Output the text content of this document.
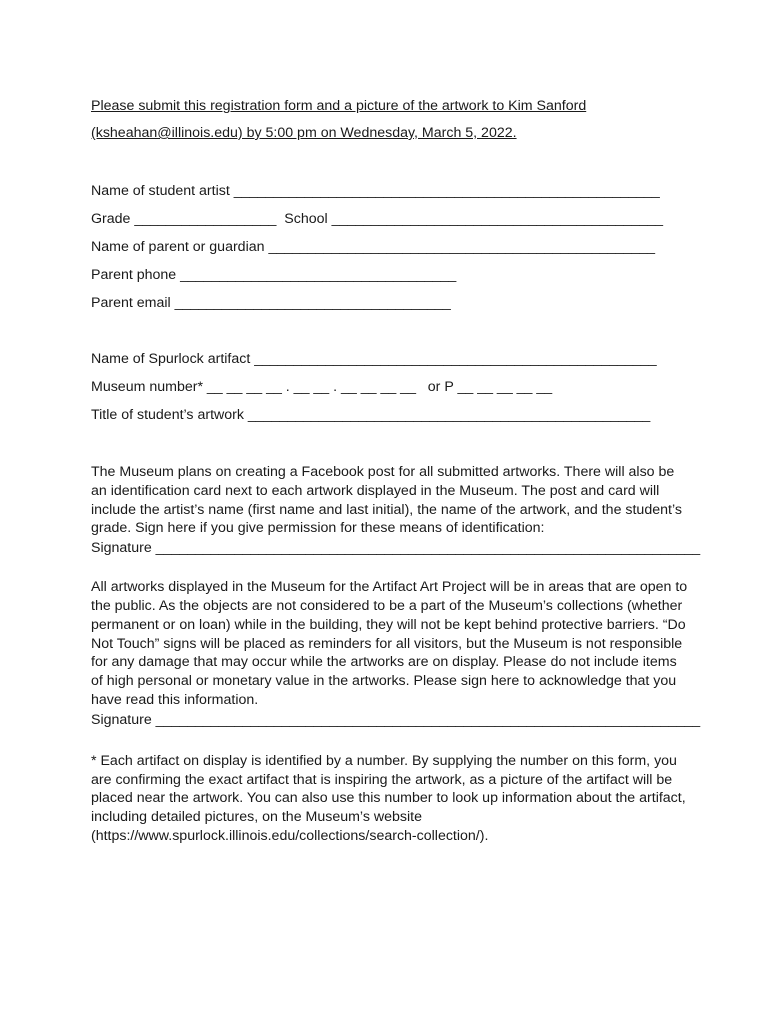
Please submit this registration form and a picture of the artwork to Kim Sanford

(ksheahan@illinois.edu) by 5:00 pm on Wednesday, March 5, 2022.

Name of student artist ______________________________________________________

Grade __________________  School __________________________________________

Name of parent or guardian _________________________________________________

Parent phone ___________________________________

Parent email ___________________________________

Name of Spurlock artifact ___________________________________________________

Museum number* __ __ __ __ . __ __ . __ __ __ __   or P __ __ __ __ __

Title of student’s artwork ___________________________________________________

The Museum plans on creating a Facebook post for all submitted artworks. There will also be an identification card next to each artwork displayed in the Museum. The post and card will include the artist’s name (first name and last initial), the name of the artwork, and the student’s grade. Sign here if you give permission for these means of identification:

Signature _____________________________________________________________________

All artworks displayed in the Museum for the Artifact Art Project will be in areas that are open to the public. As the objects are not considered to be a part of the Museum’s collections (whether permanent or on loan) while in the building, they will not be kept behind protective barriers. “Do Not Touch” signs will be placed as reminders for all visitors, but the Museum is not responsible for any damage that may occur while the artworks are on display. Please do not include items of high personal or monetary value in the artworks. Please sign here to acknowledge that you have read this information.

Signature _____________________________________________________________________

* Each artifact on display is identified by a number. By supplying the number on this form, you are confirming the exact artifact that is inspiring the artwork, as a picture of the artifact will be placed near the artwork. You can also use this number to look up information about the artifact, including detailed pictures, on the Museum’s website (https://www.spurlock.illinois.edu/collections/search-collection/).
